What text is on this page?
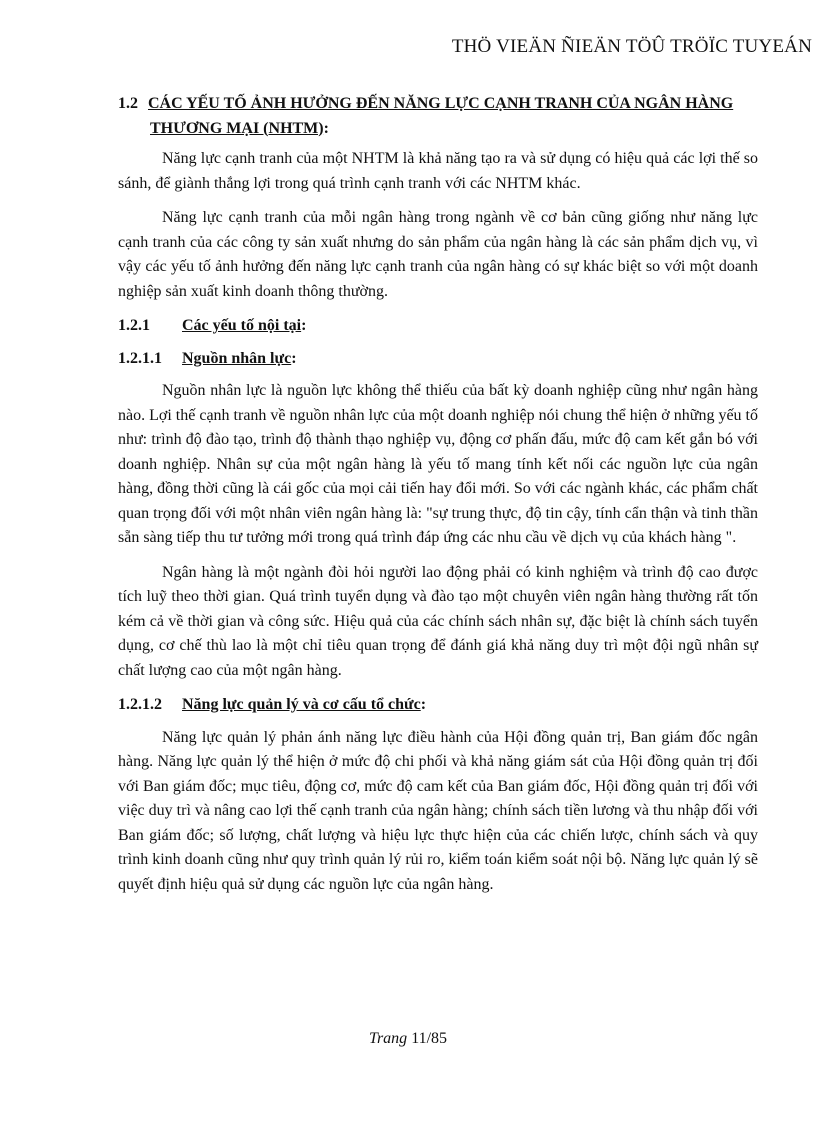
THÖ VIEÄN ÑIEÄN TÖÛ TRÖÏC TUYEÁN
1.2 CÁC YẾU TỐ ẢNH HƯỞNG ĐẾN NĂNG LỰC CẠNH TRANH CỦA NGÂN HÀNG
THƯƠNG MẠI (NHTM):

Năng lực cạnh tranh của một NHTM là khả năng tạo ra và sử dụng có hiệu quả các lợi thế so sánh, để giành thắng lợi trong quá trình cạnh tranh với các NHTM khác.

Năng lực cạnh tranh của mỗi ngân hàng trong ngành về cơ bản cũng giống như năng lực cạnh tranh của các công ty sản xuất nhưng do sản phẩm của ngân hàng là các sản phẩm dịch vụ, vì vậy các yếu tố ảnh hưởng đến năng lực cạnh tranh của ngân hàng có sự khác biệt so với một doanh nghiệp sản xuất kinh doanh thông thường.

1.2.1 Các yếu tố nội tại:
1.2.1.1 Nguồn nhân lực:

Nguồn nhân lực là nguồn lực không thể thiếu của bất kỳ doanh nghiệp cũng như ngân hàng nào. Lợi thế cạnh tranh về nguồn nhân lực của một doanh nghiệp nói chung thể hiện ở những yếu tố như: trình độ đào tạo, trình độ thành thạo nghiệp vụ, động cơ phấn đấu, mức độ cam kết gắn bó với doanh nghiệp. Nhân sự của một ngân hàng là yếu tố mang tính kết nối các nguồn lực của ngân hàng, đồng thời cũng là cái gốc của mọi cải tiến hay đổi mới. So với các ngành khác, các phẩm chất quan trọng đối với một nhân viên ngân hàng là: "sự trung thực, độ tin cậy, tính cẩn thận và tinh thần sẵn sàng tiếp thu tư tưởng mới trong quá trình đáp ứng các nhu cầu về dịch vụ của khách hàng ".

Ngân hàng là một ngành đòi hỏi người lao động phải có kinh nghiệm và trình độ cao được tích luỹ theo thời gian. Quá trình tuyển dụng và đào tạo một chuyên viên ngân hàng thường rất tốn kém cả về thời gian và công sức. Hiệu quả của các chính sách nhân sự, đặc biệt là chính sách tuyển dụng, cơ chế thù lao là một chỉ tiêu quan trọng để đánh giá khả năng duy trì một đội ngũ nhân sự chất lượng cao của một ngân hàng.

1.2.1.2 Năng lực quản lý và cơ cấu tổ chức:

Năng lực quản lý phản ánh năng lực điều hành của Hội đồng quản trị, Ban giám đốc ngân hàng. Năng lực quản lý thể hiện ở mức độ chi phối và khả năng giám sát của Hội đồng quản trị đối với Ban giám đốc; mục tiêu, động cơ, mức độ cam kết của Ban giám đốc, Hội đồng quản trị đối với việc duy trì và nâng cao lợi thế cạnh tranh của ngân hàng; chính sách tiền lương và thu nhập đối với Ban giám đốc; số lượng, chất lượng và hiệu lực thực hiện của các chiến lược, chính sách và quy trình kinh doanh cũng như quy trình quản lý rủi ro, kiểm toán kiểm soát nội bộ. Năng lực quản lý sẽ quyết định hiệu quả sử dụng các nguồn lực của ngân hàng.

Trang 11/85
